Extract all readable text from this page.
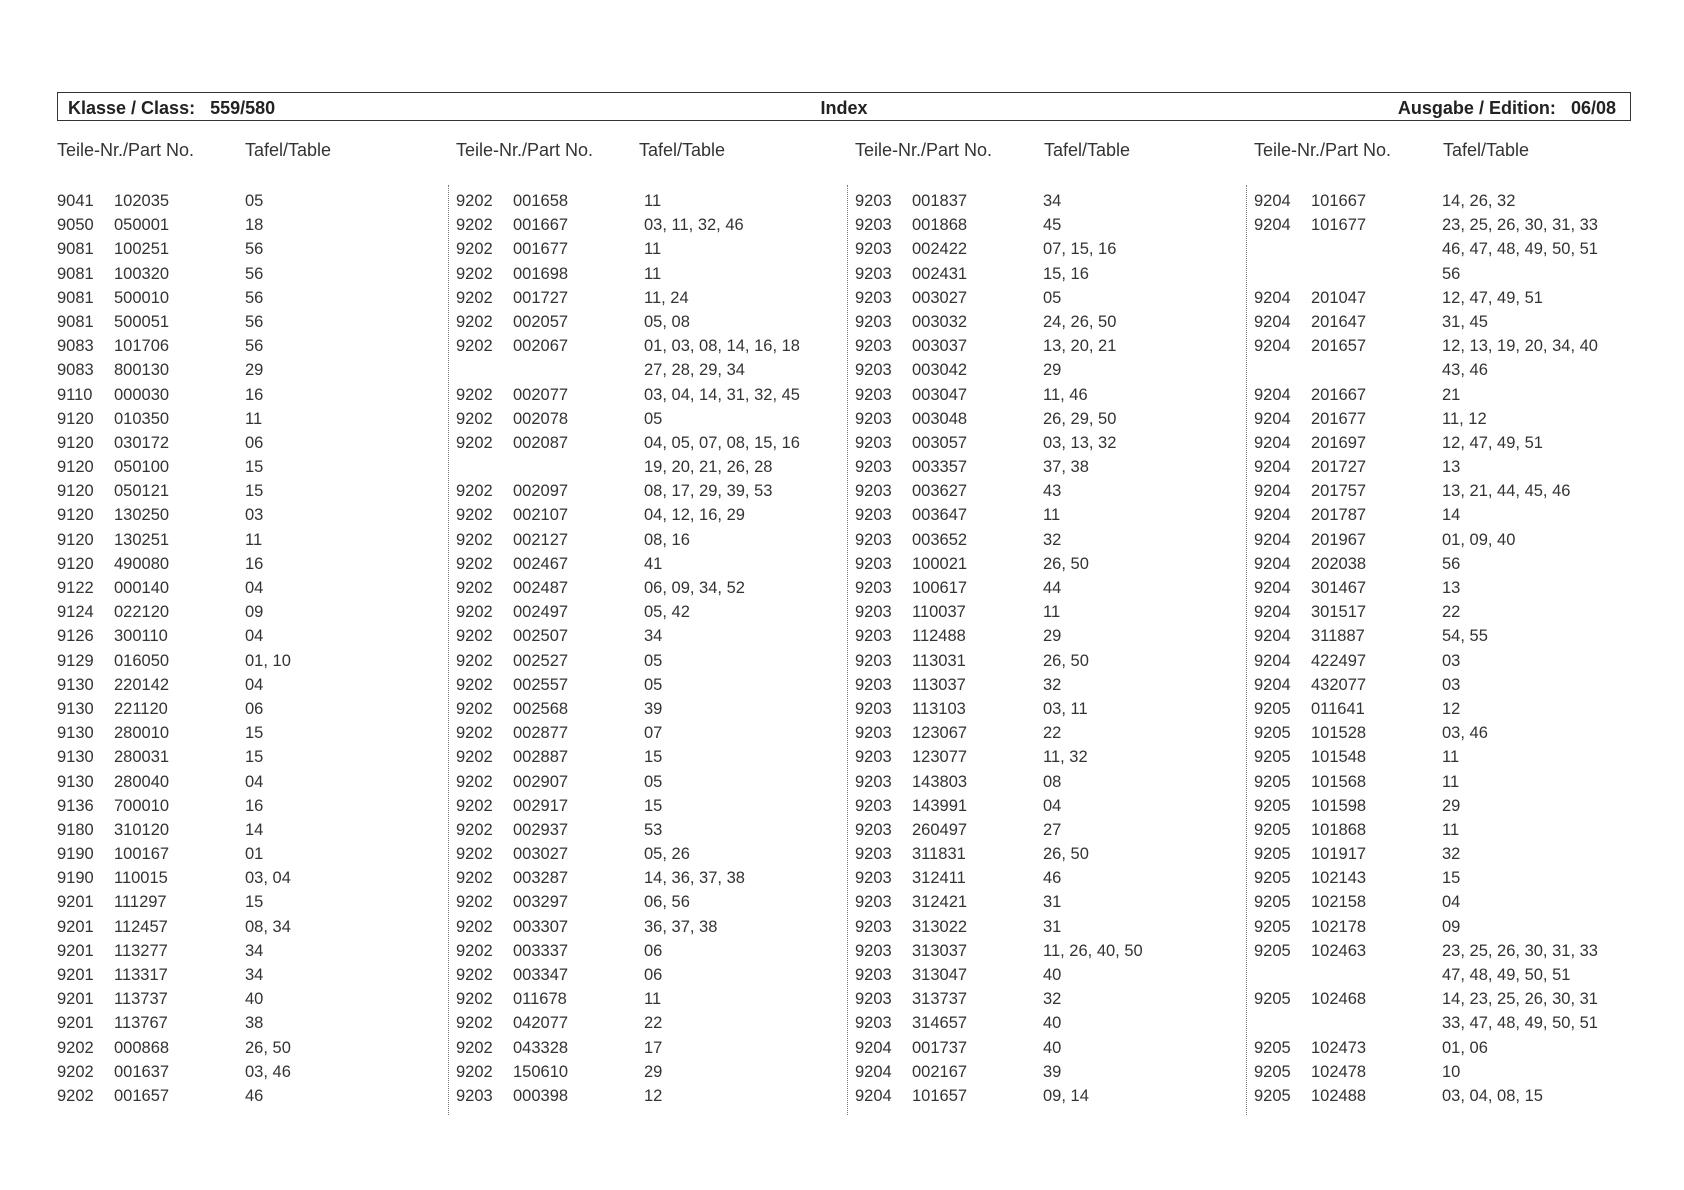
Klasse / Class: 559/580	Index	Ausgabe / Edition: 06/08
Teile-Nr./Part No.	Tafel/Table	Teile-Nr./Part No.	Tafel/Table	Teile-Nr./Part No.	Tafel/Table	Teile-Nr./Part No.	Tafel/Table
9041 102035	05
9050 050001	18
9081 100251	56
9081 100320	56
9081 500010	56
9081 500051	56
9083 101706	56
9083 800130	29
9110 000030	16
9120 010350	11
9120 030172	06
9120 050100	15
9120 050121	15
9120 130250	03
9120 130251	11
9120 490080	16
9122 000140	04
9124 022120	09
9126 300110	04
9129 016050	01, 10
9130 220142	04
9130 221120	06
9130 280010	15
9130 280031	15
9130 280040	04
9136 700010	16
9180 310120	14
9190 100167	01
9190 110015	03, 04
9201 111297	15
9201 112457	08, 34
9201 113277	34
9201 113317	34
9201 113737	40
9201 113767	38
9202 000868	26, 50
9202 001637	03, 46
9202 001657	46
9202 001658	11
9202 001667	03, 11, 32, 46
9202 001677	11
9202 001698	11
9202 001727	11, 24
9202 002057	05, 08
9202 002067	01, 03, 08, 14, 16, 18
27, 28, 29, 34
9202 002077	03, 04, 14, 31, 32, 45
9202 002078	05
9202 002087	04, 05, 07, 08, 15, 16
19, 20, 21, 26, 28
9202 002097	08, 17, 29, 39, 53
9202 002107	04, 12, 16, 29
9202 002127	08, 16
9202 002467	41
9202 002487	06, 09, 34, 52
9202 002497	05, 42
9202 002507	34
9202 002527	05
9202 002557	05
9202 002568	39
9202 002877	07
9202 002887	15
9202 002907	05
9202 002917	15
9202 002937	53
9202 003027	05, 26
9202 003287	14, 36, 37, 38
9202 003297	06, 56
9202 003307	36, 37, 38
9202 003337	06
9202 003347	06
9202 011678	11
9202 042077	22
9202 043328	17
9202 150610	29
9203 000398	12
9203 001837	34
9203 001868	45
9203 002422	07, 15, 16
9203 002431	15, 16
9203 003027	05
9203 003032	24, 26, 50
9203 003037	13, 20, 21
9203 003042	29
9203 003047	11, 46
9203 003048	26, 29, 50
9203 003057	03, 13, 32
9203 003357	37, 38
9203 003627	43
9203 003647	11
9203 003652	32
9203 100021	26, 50
9203 100617	44
9203 110037	11
9203 112488	29
9203 113031	26, 50
9203 113037	32
9203 113103	03, 11
9203 123067	22
9203 123077	11, 32
9203 143803	08
9203 143991	04
9203 260497	27
9203 311831	26, 50
9203 312411	46
9203 312421	31
9203 313022	31
9203 313037	11, 26, 40, 50
9203 313047	40
9203 313737	32
9203 314657	40
9204 001737	40
9204 002167	39
9204 101657	09, 14
9204 101667	14, 26, 32
9204 101677	23, 25, 26, 30, 31, 33
46, 47, 48, 49, 50, 51
56
9204 201047	12, 47, 49, 51
9204 201647	31, 45
9204 201657	12, 13, 19, 20, 34, 40
43, 46
9204 201667	21
9204 201677	11, 12
9204 201697	12, 47, 49, 51
9204 201727	13
9204 201757	13, 21, 44, 45, 46
9204 201787	14
9204 201967	01, 09, 40
9204 202038	56
9204 301467	13
9204 301517	22
9204 311887	54, 55
9204 422497	03
9204 432077	03
9205 011641	12
9205 101528	03, 46
9205 101548	11
9205 101568	11
9205 101598	29
9205 101868	11
9205 101917	32
9205 102143	15
9205 102158	04
9205 102178	09
9205 102463	23, 25, 26, 30, 31, 33
47, 48, 49, 50, 51
9205 102468	14, 23, 25, 26, 30, 31
33, 47, 48, 49, 50, 51
9205 102473	01, 06
9205 102478	10
9205 102488	03, 04, 08, 15
